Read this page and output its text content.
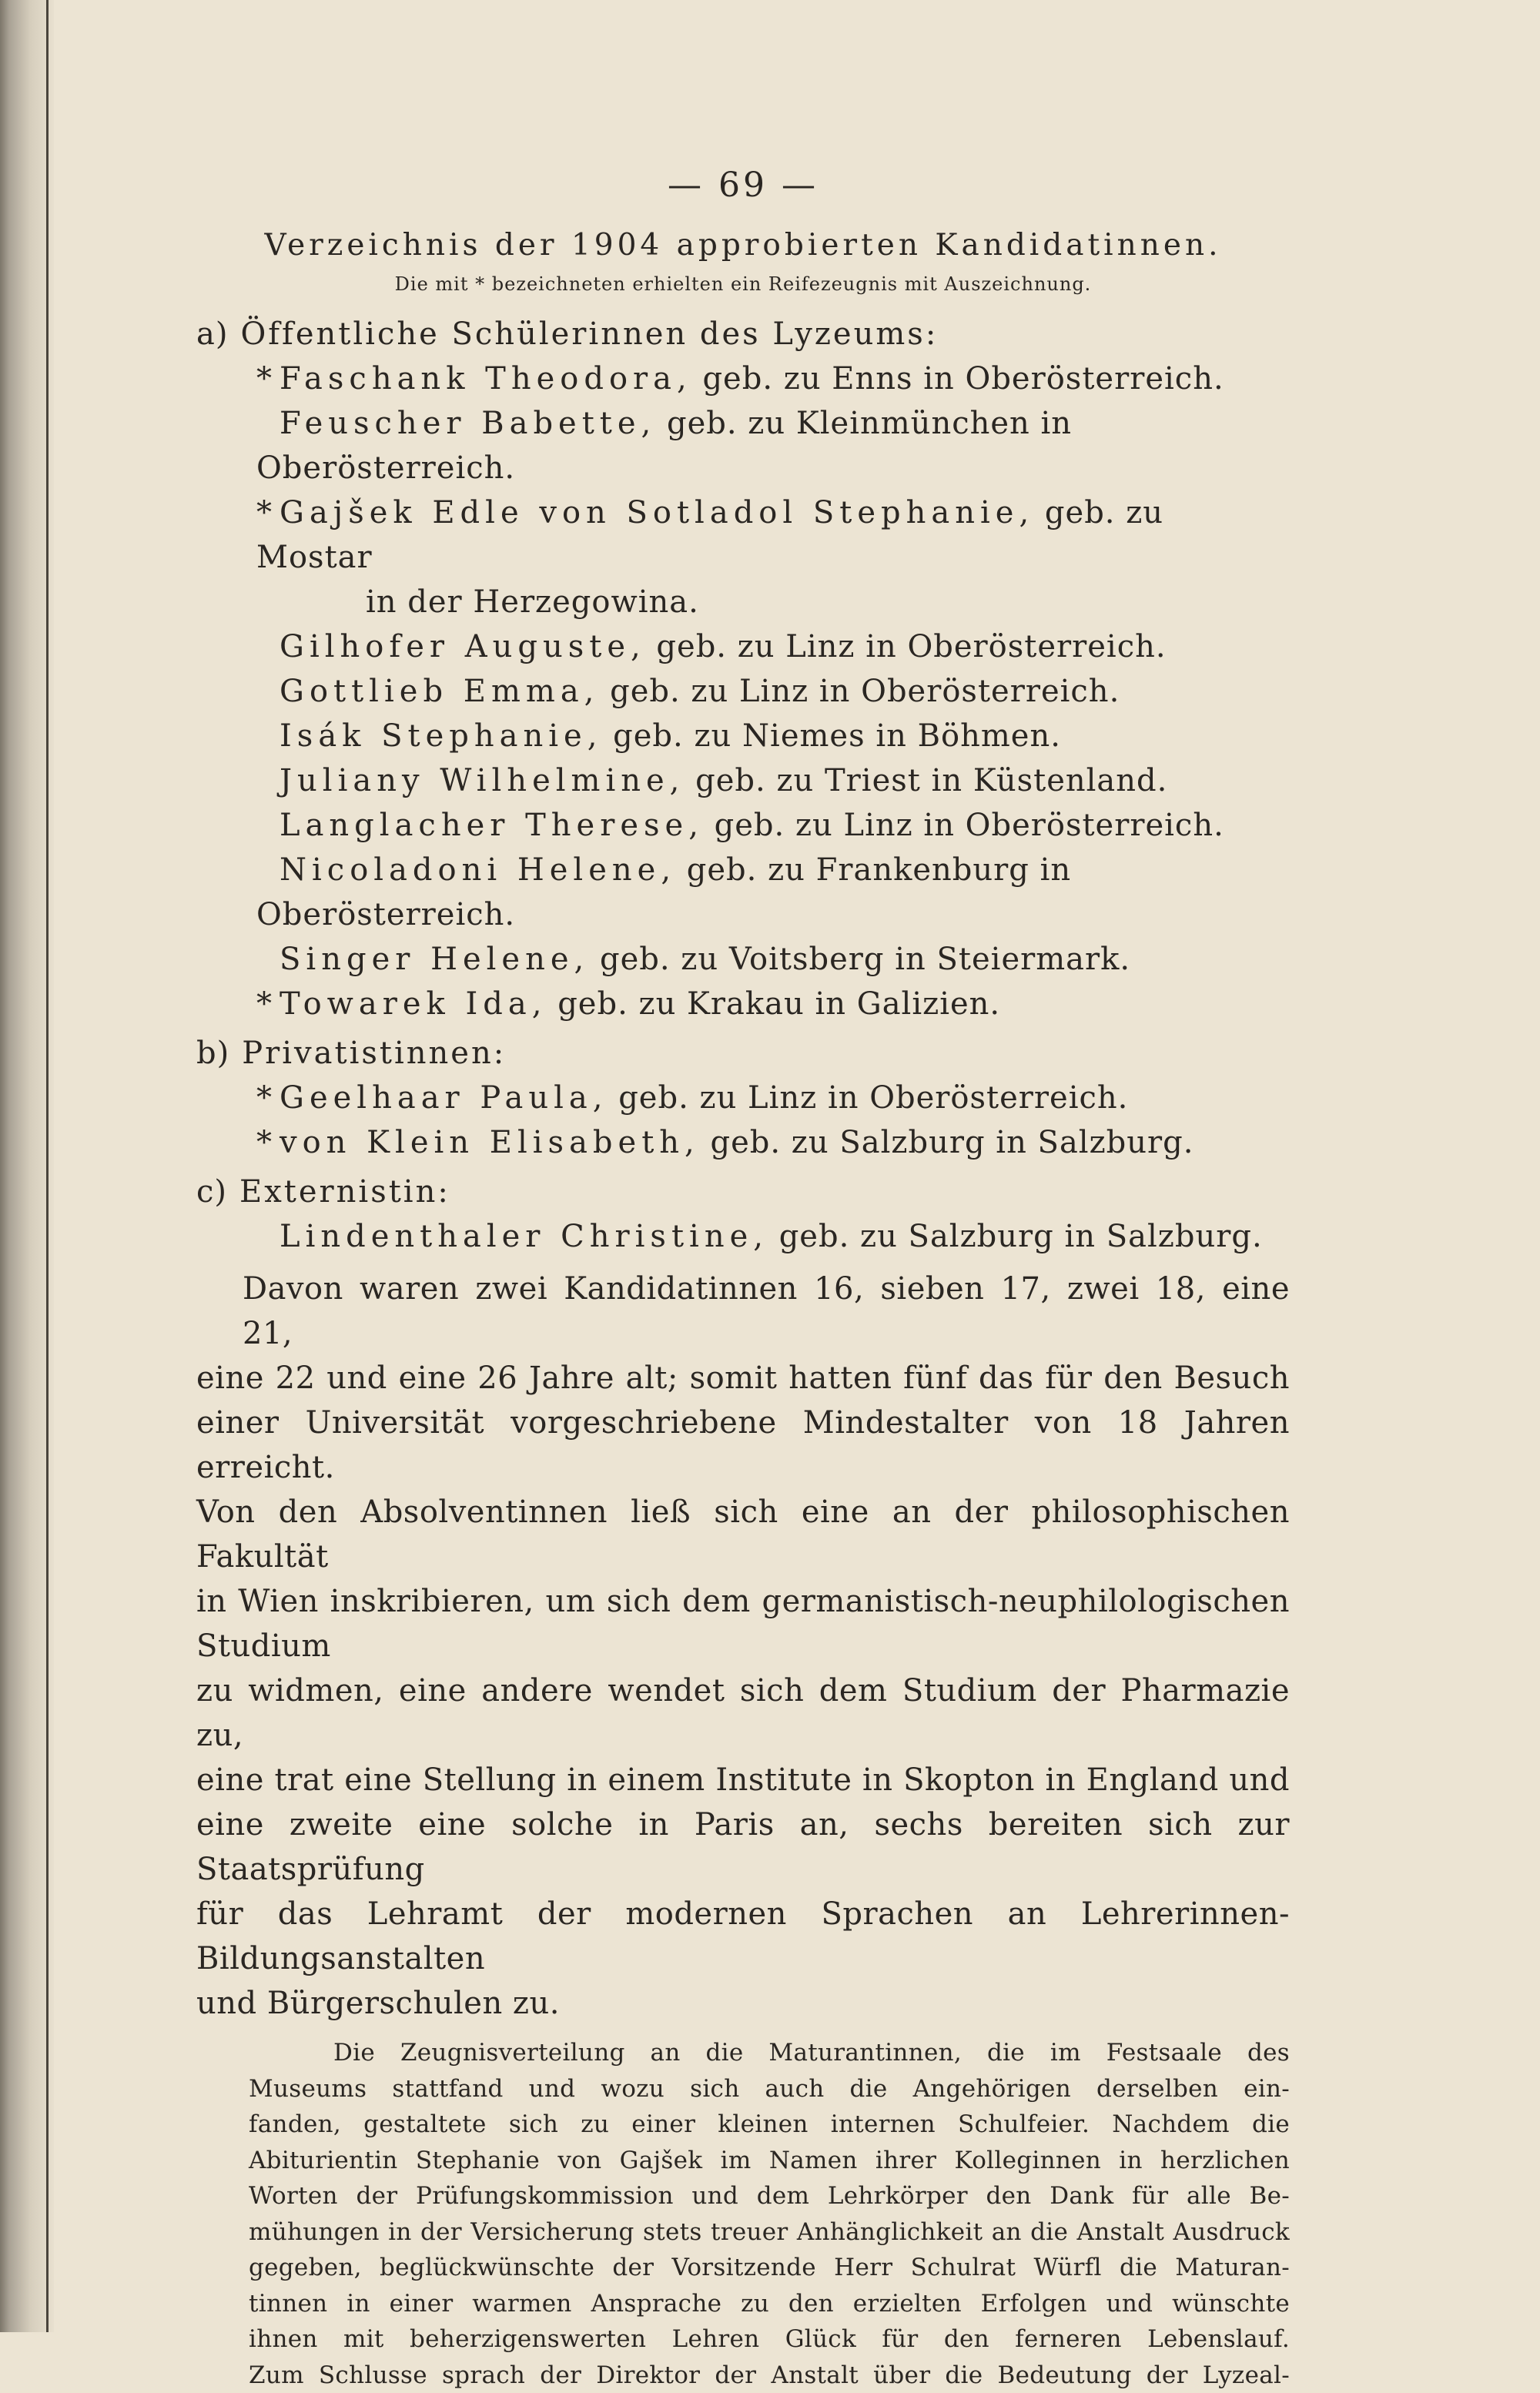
— 69 —
Verzeichnis der 1904 approbierten Kandidatinnen.
Die mit * bezeichneten erhielten ein Reifezeugnis mit Auszeichnung.
a) Öffentliche Schülerinnen des Lyzeums:
* Faschank Theodora, geb. zu Enns in Oberösterreich.
Feuscher Babette, geb. zu Kleinmünchen in Oberösterreich.
* Gajšek Edle von Sotladol Stephanie, geb. zu Mostar
in der Herzegowina.
Gilhofer Auguste, geb. zu Linz in Oberösterreich.
Gottlieb Emma, geb. zu Linz in Oberösterreich.
Isák Stephanie, geb. zu Niemes in Böhmen.
Juliany Wilhelmine, geb. zu Triest in Küstenland.
Langlacher Therese, geb. zu Linz in Oberösterreich.
Nicoladoni Helene, geb. zu Frankenburg in Oberösterreich.
Singer Helene, geb. zu Voitsberg in Steiermark.
* Towarek Ida, geb. zu Krakau in Galizien.
b) Privatistinnen:
* Geelhaar Paula, geb. zu Linz in Oberösterreich.
* von Klein Elisabeth, geb. zu Salzburg in Salzburg.
c) Externistin:
Lindenthaler Christine, geb. zu Salzburg in Salzburg.
Davon waren zwei Kandidatinnen 16, sieben 17, zwei 18, eine 21,
eine 22 und eine 26 Jahre alt; somit hatten fünf das für den Besuch
einer Universität vorgeschriebene Mindestalter von 18 Jahren erreicht.
Von den Absolventinnen ließ sich eine an der philosophischen Fakultät
in Wien inskribieren, um sich dem germanistisch-neuphilologischen Studium
zu widmen, eine andere wendet sich dem Studium der Pharmazie zu,
eine trat eine Stellung in einem Institute in Skopton in England und
eine zweite eine solche in Paris an, sechs bereiten sich zur Staatsprüfung
für das Lehramt der modernen Sprachen an Lehrerinnen-Bildungsanstalten
und Bürgerschulen zu.
Die Zeugnisverteilung an die Maturantinnen, die im Festsaale des
Museums stattfand und wozu sich auch die Angehörigen derselben ein-
fanden, gestaltete sich zu einer kleinen internen Schulfeier. Nachdem die
Abiturientin Stephanie von Gajšek im Namen ihrer Kolleginnen in herzlichen
Worten der Prüfungskommission und dem Lehrkörper den Dank für alle Be-
mühungen in der Versicherung stets treuer Anhänglichkeit an die Anstalt Ausdruck
gegeben, beglückwünschte der Vorsitzende Herr Schulrat Würfl die Maturan-
tinnen in einer warmen Ansprache zu den erzielten Erfolgen und wünschte
ihnen mit beherzigenswerten Lehren Glück für den ferneren Lebenslauf.
Zum Schlusse sprach der Direktor der Anstalt über die Bedeutung der Lyzeal-
